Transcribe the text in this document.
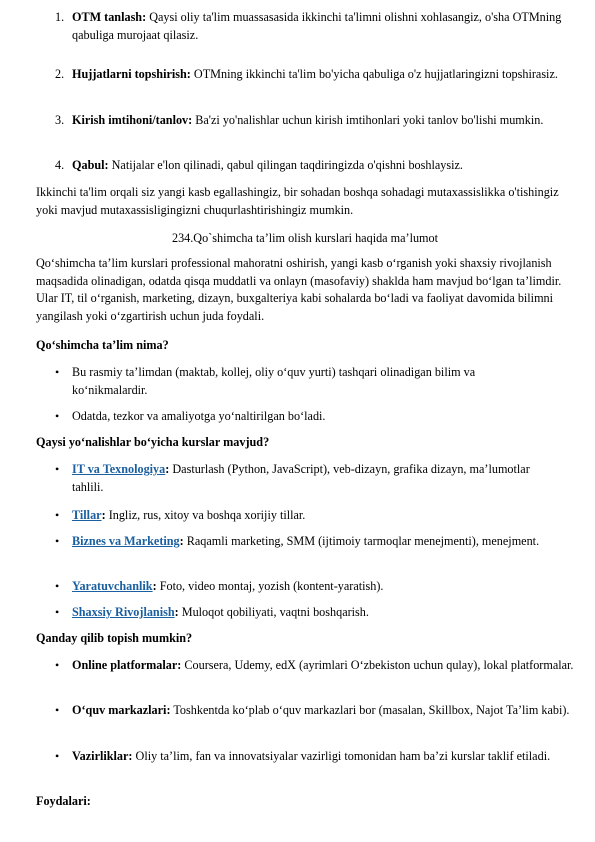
1. OTM tanlash: Qaysi oliy ta'lim muassasasida ikkinchi ta'limni olishni xohlasangiz, o'sha OTMning qabuliga murojaat qilasiz.
2. Hujjatlarni topshirish: OTMning ikkinchi ta'lim bo'yicha qabuliga o'z hujjatlaringizni topshirasiz.
3. Kirish imtihoni/tanlov: Ba'zi yo'nalishlar uchun kirish imtihonlari yoki tanlov bo'lishi mumkin.
4. Qabul: Natijalar e'lon qilinadi, qabul qilingan taqdiringizda o'qishni boshlaysiz.
Ikkinchi ta'lim orqali siz yangi kasb egallashingiz, bir sohadan boshqa sohadagi mutaxassislikka o'tishingiz yoki mavjud mutaxassisligingizni chuqurlashtirishingiz mumkin.
234.Qo`shimcha ta’lim olish kurslari haqida ma’lumot
Qo‘shimcha ta’lim kurslari professional mahoratni oshirish, yangi kasb o‘rganish yoki shaxsiy rivojlanish maqsadida olinadigan, odatda qisqa muddatli va onlayn (masofaviy) shaklda ham mavjud bo‘lgan ta’limdir. Ular IT, til o‘rganish, marketing, dizayn, buxgalteriya kabi sohalarda bo‘ladi va faoliyat davomida bilimni yangilash yoki o‘zgartirish uchun juda foydali.
Qo‘shimcha ta’lim nima?
• Bu rasmiy ta’limdan (maktab, kollej, oliy o‘quv yurti) tashqari olinadigan bilim va ko‘nikmalardir.
• Odatda, tezkor va amaliyotga yo‘naltirilgan bo‘ladi.
Qaysi yo‘nalishlar bo‘yicha kurslar mavjud?
• IT va Texnologiya: Dasturlash (Python, JavaScript), veb-dizayn, grafika dizayn, ma’lumotlar tahlili.
• Tillar: Ingliz, rus, xitoy va boshqa xorijiy tillar.
• Biznes va Marketing: Raqamli marketing, SMM (ijtimoiy tarmoqlar menejmenti), menejment.
• Yaratuvchanlik: Foto, video montaj, yozish (kontent-yaratish).
• Shaxsiy Rivojlanish: Muloqot qobiliyati, vaqtni boshqarish.
Qanday qilib topish mumkin?
• Online platformalar: Coursera, Udemy, edX (ayrimlari O‘zbekiston uchun qulay), lokal platformalar.
• O‘quv markazlari: Toshkentda ko‘plab o‘quv markazlari bor (masalan, Skillbox, Najot Ta’lim kabi).
• Vazirliklar: Oliy ta’lim, fan va innovatsiyalar vazirligi tomonidan ham ba’zi kurslar taklif etiladi.
Foydalari:
